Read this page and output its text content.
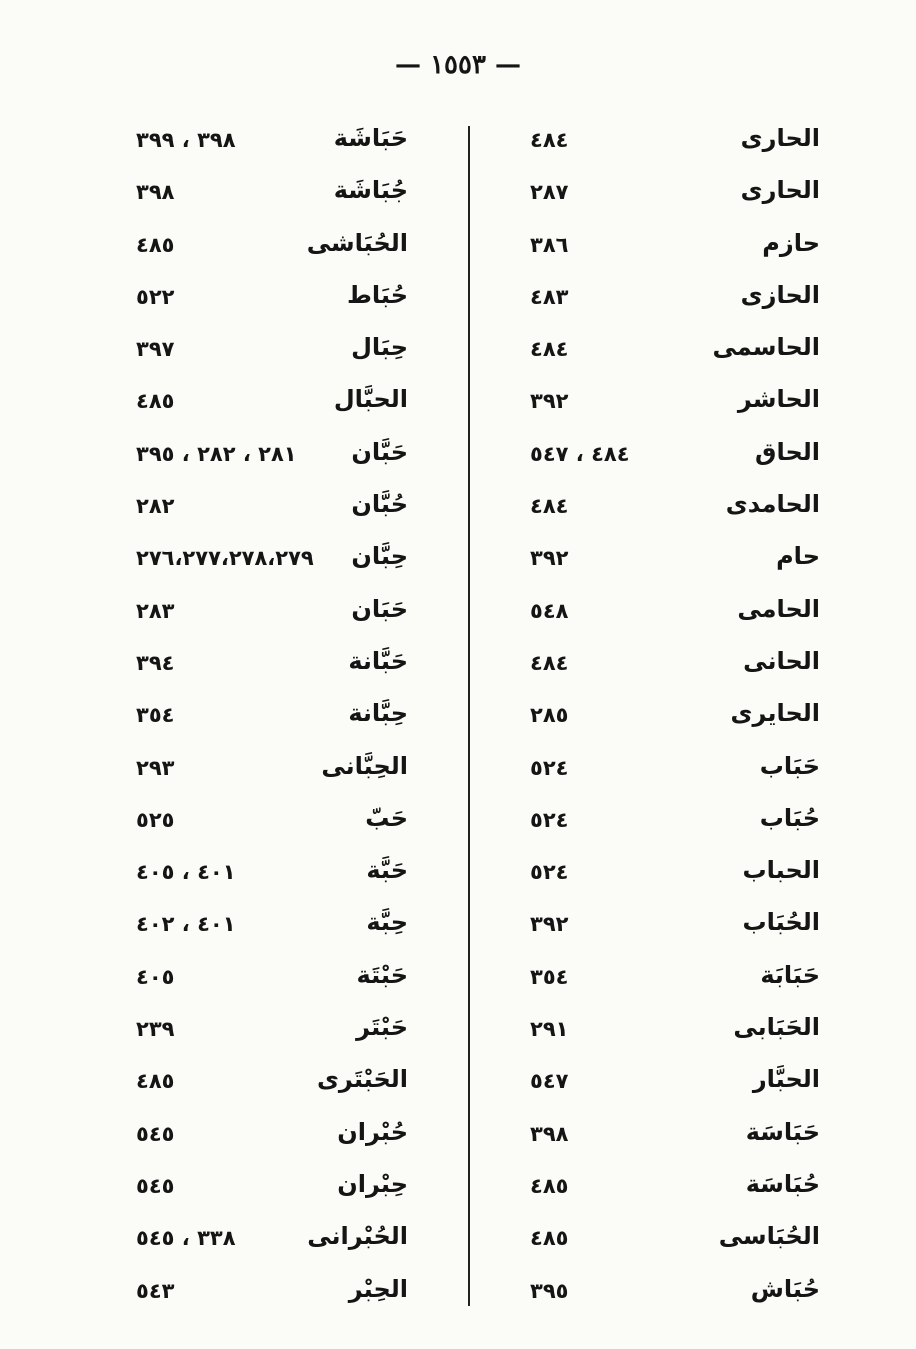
— ١٥٥٣ —
الحارى
٤٨٤
الحارى
٢٨٧
حازم
٣٨٦
الحازى
٤٨٣
الحاسمى
٤٨٤
الحاشر
٣٩٢
الحاق
٤٨٤ ، ٥٤٧
الحامدى
٤٨٤
حام
٣٩٢
الحامى
٥٤٨
الحانى
٤٨٤
الحايرى
٢٨٥
حَبَاب
٥٢٤
حُبَاب
٥٢٤
الحباب
٥٢٤
الحُبَاب
٣٩٢
حَبَابَة
٣٥٤
الحَبَابى
٢٩١
الحبَّار
٥٤٧
حَبَاسَة
٣٩٨
حُبَاسَة
٤٨٥
الحُبَاسى
٤٨٥
حُبَاش
٣٩٥
حَبَاشَة
٣٩٨ ، ٣٩٩
جُبَاشَة
٣٩٨
الحُبَاشى
٤٨٥
حُبَاط
٥٢٢
حِبَال
٣٩٧
الحبَّال
٤٨٥
حَبَّان
٢٨١ ، ٢٨٢ ، ٣٩٥
حُبَّان
٢٨٢
حِبَّان
٢٧٦،٢٧٧،٢٧٨،٢٧٩
حَبَان
٢٨٣
حَبَّانة
٣٩٤
حِبَّانة
٣٥٤
الحِبَّانى
٢٩٣
حَبّ
٥٢٥
حَبَّة
٤٠١ ، ٤٠٥
حِبَّة
٤٠١ ، ٤٠٢
حَبْتَة
٤٠٥
حَبْتَر
٢٣٩
الحَبْتَرى
٤٨٥
حُبْران
٥٤٥
حِبْران
٥٤٥
الحُبْرانى
٣٣٨ ، ٥٤٥
الحِبْر
٥٤٣
